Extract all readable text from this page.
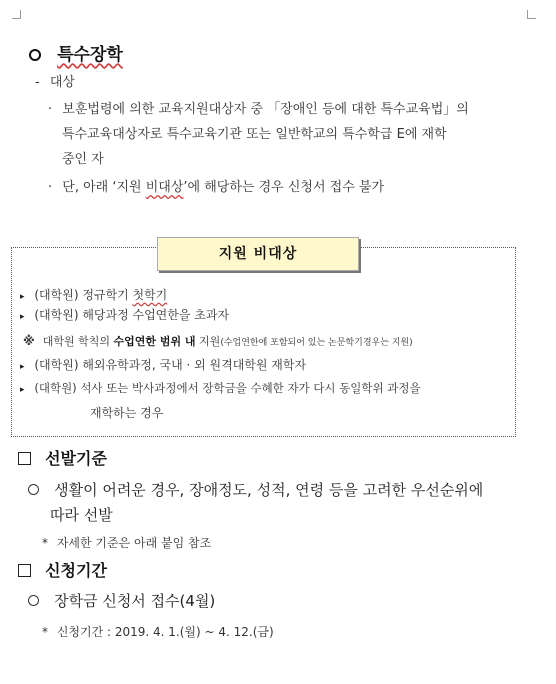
특수장학
- 대상
· 보훈법령에 의한 교육지원대상자 중 「장애인 등에 대한 특수교육법」의
특수교육대상자로 특수교육기관 또는 일반학교의 특수학급 E에 재학
중인 자
· 단, 아래 ‘지원 비대상’에 해당하는 경우 신청서 접수 불가
지원 비대상
▸ (대학원) 정규학기 첫학기
▸ (대학원) 해당과정 수업연한을 초과자
※ 대학원 학칙의 수업연한 범위 내 지원(수업연한에 포함되어 있는 논문학기경우는 지원)
▸ (대학원) 해외유학과정, 국내 · 외 원격대학원 재학자
▸ (대학원) 석사 또는 박사과정에서 장학금을 수혜한 자가 다시 동일학위 과정을
재학하는 경우
선발기준
생활이 어려운 경우, 장애정도, 성적, 연령 등을 고려한 우선순위에
따라 선발
* 자세한 기준은 아래 붙임 참조
신청기간
장학금 신청서 접수(4월)
* 신청기간 : 2019. 4. 1.(월) ~ 4. 12.(금)
